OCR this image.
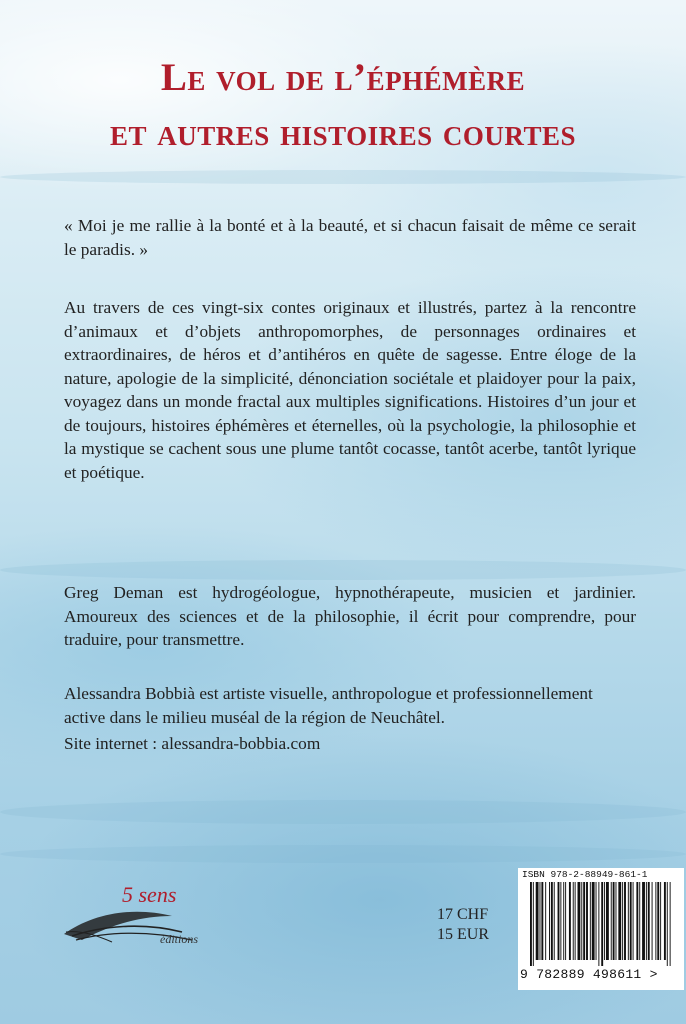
Le vol de l’éphémère
et autres histoires courtes

« Moi je me rallie à la bonté et à la beauté, et si chacun faisait de même ce serait le paradis. »

Au travers de ces vingt-six contes originaux et illustrés, partez à la rencontre d’animaux et d’objets anthropomorphes, de personnages ordinaires et extraordinaires, de héros et d’antihéros en quête de sagesse. Entre éloge de la nature, apologie de la simplicité, dénonciation sociétale et plaidoyer pour la paix, voyagez dans un monde fractal aux multiples significations. Histoires d’un jour et de toujours, histoires éphémères et éternelles, où la psychologie, la philosophie et la mystique se cachent sous une plume tantôt cocasse, tantôt acerbe, tantôt lyrique et poétique.

Greg Deman est hydrogéologue, hypnothérapeute, musicien et jardinier. Amoureux des sciences et de la philosophie, il écrit pour comprendre, pour traduire, pour transmettre.

Alessandra Bobbià est artiste visuelle, anthropologue et professionnellement active dans le milieu muséal de la région de Neuchâtel.

Site internet : alessandra-bobbia.com
5 sens
éditions
17 CHF
15 EUR
ISBN 978-2-88949-861-1
9 782889 498611 >
